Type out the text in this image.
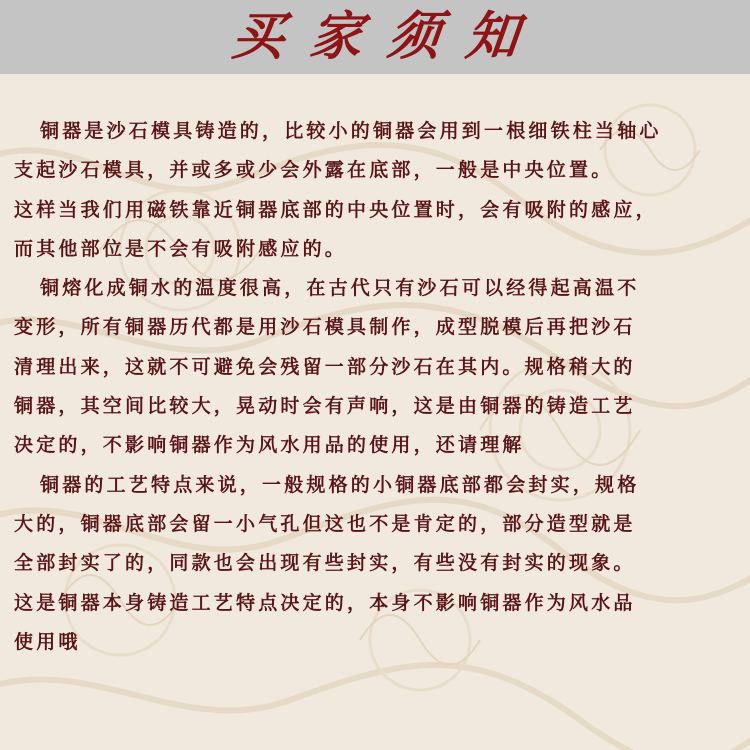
买家须知
铜器是沙石模具铸造的，比较小的铜器会用到一根细铁柱当轴心
支起沙石模具，并或多或少会外露在底部，一般是中央位置。
这样当我们用磁铁靠近铜器底部的中央位置时，会有吸附的感应，
而其他部位是不会有吸附感应的。
铜熔化成铜水的温度很高，在古代只有沙石可以经得起高温不
变形，所有铜器历代都是用沙石模具制作，成型脱模后再把沙石
清理出来，这就不可避免会残留一部分沙石在其内。规格稍大的
铜器，其空间比较大，晃动时会有声响，这是由铜器的铸造工艺
决定的，不影响铜器作为风水用品的使用，还请理解
铜器的工艺特点来说，一般规格的小铜器底部都会封实，规格
大的，铜器底部会留一小气孔但这也不是肯定的，部分造型就是
全部封实了的，同款也会出现有些封实，有些没有封实的现象。
这是铜器本身铸造工艺特点决定的，本身不影响铜器作为风水品
使用哦
